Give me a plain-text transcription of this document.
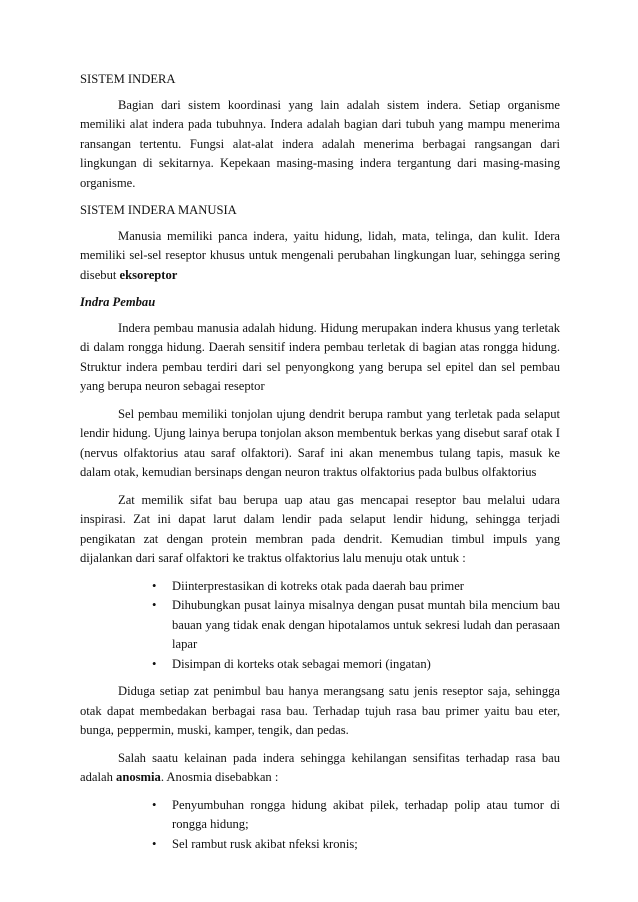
SISTEM INDERA

Bagian dari sistem koordinasi yang lain adalah sistem indera. Setiap organisme memiliki alat indera pada tubuhnya. Indera adalah bagian dari tubuh yang mampu menerima ransangan tertentu. Fungsi alat-alat indera adalah menerima berbagai rangsangan dari lingkungan di sekitarnya. Kepekaan masing-masing indera tergantung dari masing-masing organisme.

SISTEM INDERA MANUSIA

Manusia memiliki panca indera, yaitu hidung, lidah, mata, telinga, dan kulit. Idera memiliki sel-sel reseptor khusus untuk mengenali perubahan lingkungan luar, sehingga sering disebut eksoreptor

Indra Pembau

Indera pembau manusia adalah hidung. Hidung merupakan indera khusus yang terletak di dalam rongga hidung. Daerah sensitif indera pembau terletak di bagian atas rongga hidung. Struktur indera pembau terdiri dari sel penyongkong yang berupa sel epitel dan sel pembau yang berupa neuron sebagai reseptor

Sel pembau memiliki tonjolan ujung dendrit berupa rambut yang terletak pada selaput lendir hidung. Ujung lainya berupa tonjolan akson membentuk berkas yang disebut saraf otak I (nervus olfaktorius atau saraf olfaktori). Saraf ini akan menembus tulang tapis, masuk ke dalam otak, kemudian bersinaps dengan neuron traktus olfaktorius pada bulbus olfaktorius

Zat memilik sifat bau berupa uap atau gas mencapai reseptor bau melalui udara inspirasi. Zat ini dapat larut dalam lendir pada selaput lendir hidung, sehingga terjadi pengikatan zat dengan protein membran pada dendrit. Kemudian timbul impuls yang dijalankan dari saraf olfaktori ke traktus olfaktorius lalu menuju otak untuk :

• Diinterprestasikan di kotreks otak pada daerah bau primer
• Dihubungkan pusat lainya misalnya dengan pusat muntah bila mencium bau bauan yang tidak enak dengan hipotalamos untuk sekresi ludah dan perasaan lapar
• Disimpan di korteks otak sebagai memori (ingatan)

Diduga setiap zat penimbul bau hanya merangsang satu jenis reseptor saja, sehingga otak dapat membedakan berbagai rasa bau. Terhadap tujuh rasa bau primer yaitu bau eter, bunga, peppermin, muski, kamper, tengik, dan pedas.

Salah saatu kelainan pada indera sehingga kehilangan sensifitas terhadap rasa bau adalah anosmia. Anosmia disebabkan :

• Penyumbuhan rongga hidung akibat pilek, terhadap polip atau tumor di rongga hidung;
• Sel rambut rusk akibat nfeksi kronis;
